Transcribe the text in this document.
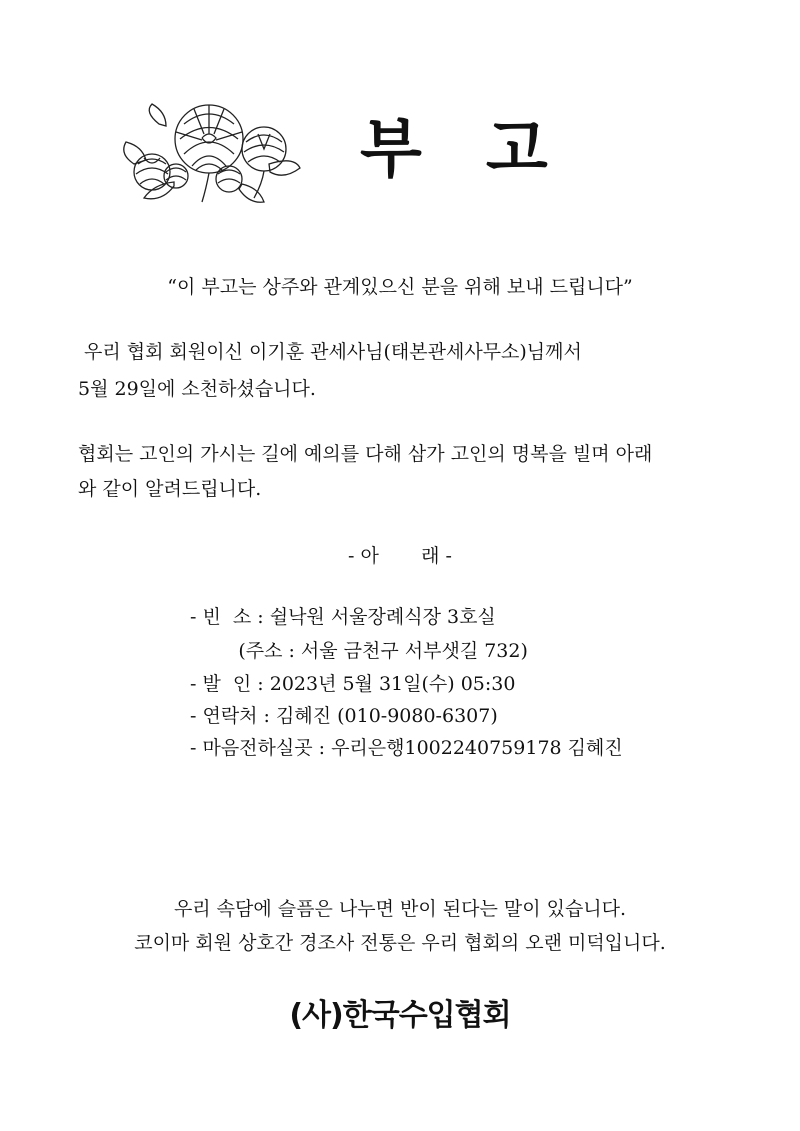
부고
“이 부고는 상주와 관계있으신 분을 위해 보내 드립니다”
우리 협회 회원이신 이기훈 관세사님(태본관세사무소)님께서
5월 29일에 소천하셨습니다.
협회는 고인의 가시는 길에 예의를 다해 삼가 고인의 명복을 빌며 아래
와 같이 알려드립니다.
- 아       래 -
- 빈  소 : 쉴낙원 서울장례식장 3호실
(주소 : 서울 금천구 서부샛길 732)
- 발  인 : 2023년 5월 31일(수) 05:30
- 연락처 : 김혜진 (010-9080-6307)
- 마음전하실곳 : 우리은행1002240759178 김혜진
우리 속담에 슬픔은 나누면 반이 된다는 말이 있습니다.
코이마 회원 상호간 경조사 전통은 우리 협회의 오랜 미덕입니다.
(사)한국수입협회
